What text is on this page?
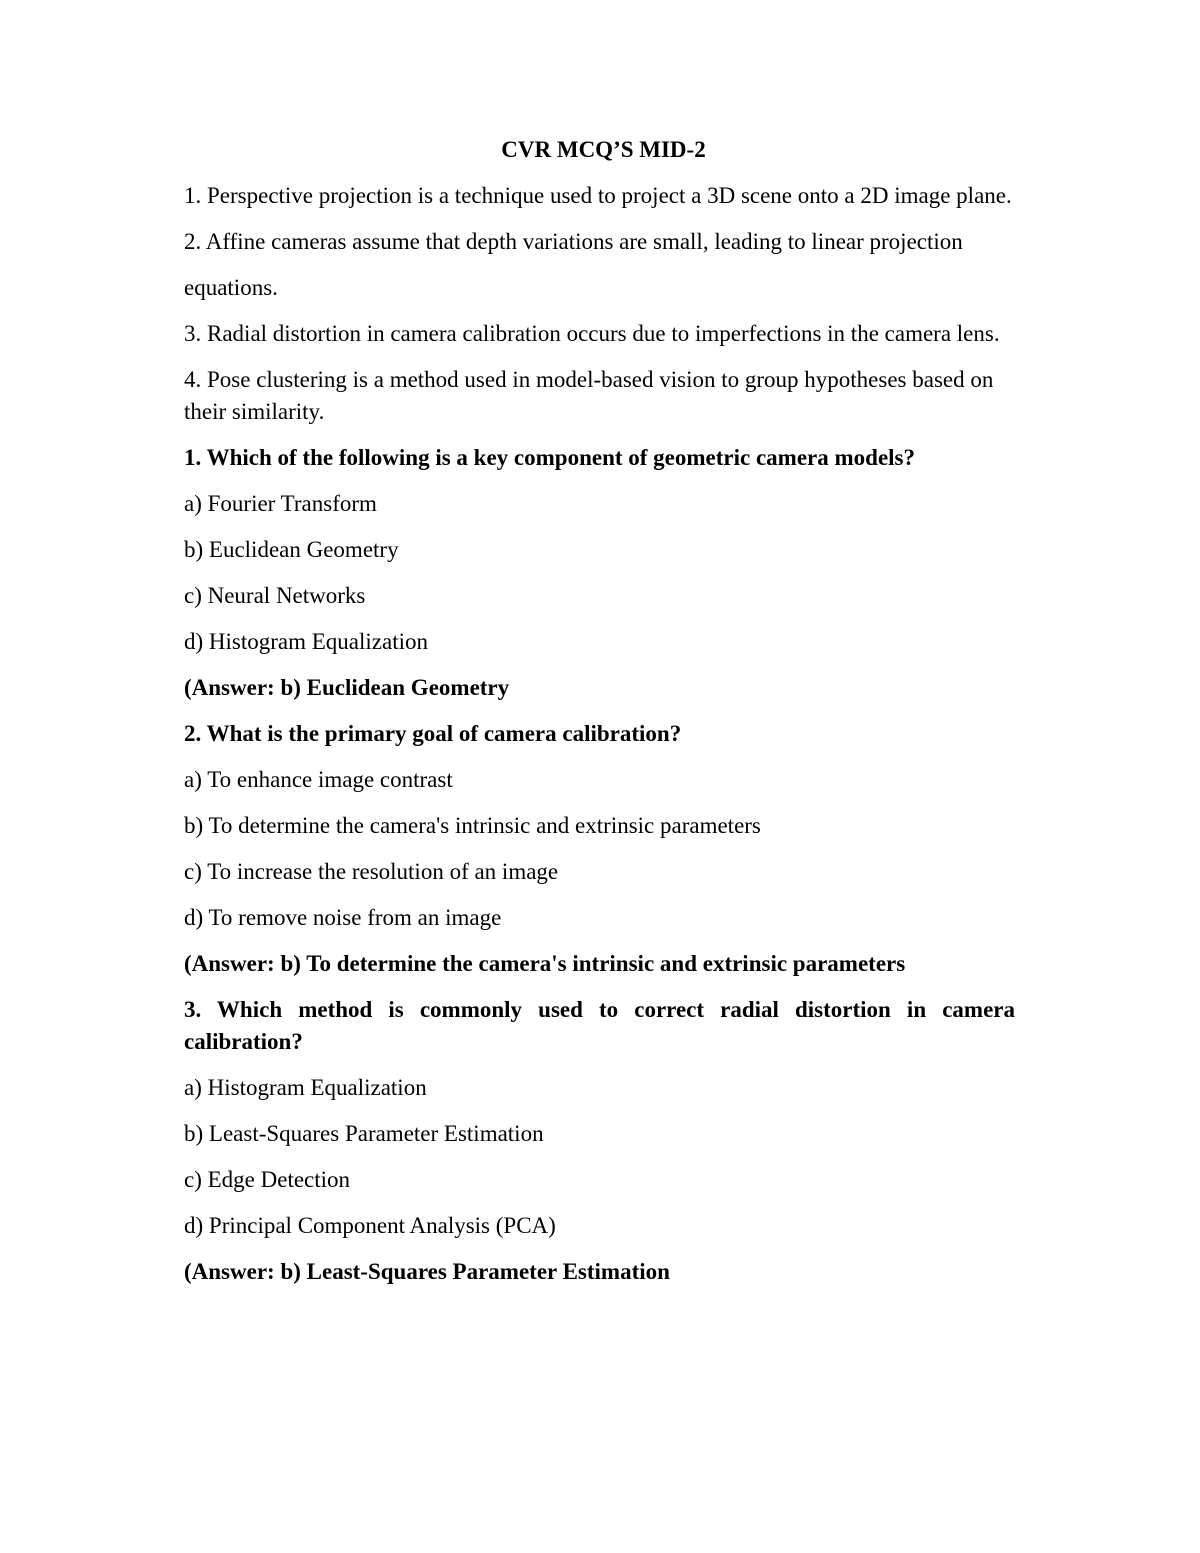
CVR MCQ’S MID-2
1. Perspective projection is a technique used to project a 3D scene onto a 2D image plane.
2. Affine cameras assume that depth variations are small, leading to linear projection
equations.
3. Radial distortion in camera calibration occurs due to imperfections in the camera lens.
4. Pose clustering is a method used in model-based vision to group hypotheses based on their similarity.
1. Which of the following is a key component of geometric camera models?
a) Fourier Transform
b) Euclidean Geometry
c) Neural Networks
d) Histogram Equalization
(Answer: b) Euclidean Geometry
2. What is the primary goal of camera calibration?
a) To enhance image contrast
b) To determine the camera's intrinsic and extrinsic parameters
c) To increase the resolution of an image
d) To remove noise from an image
(Answer: b) To determine the camera's intrinsic and extrinsic parameters
3. Which method is commonly used to correct radial distortion in camera calibration?
a) Histogram Equalization
b) Least-Squares Parameter Estimation
c) Edge Detection
d) Principal Component Analysis (PCA)
(Answer: b) Least-Squares Parameter Estimation
